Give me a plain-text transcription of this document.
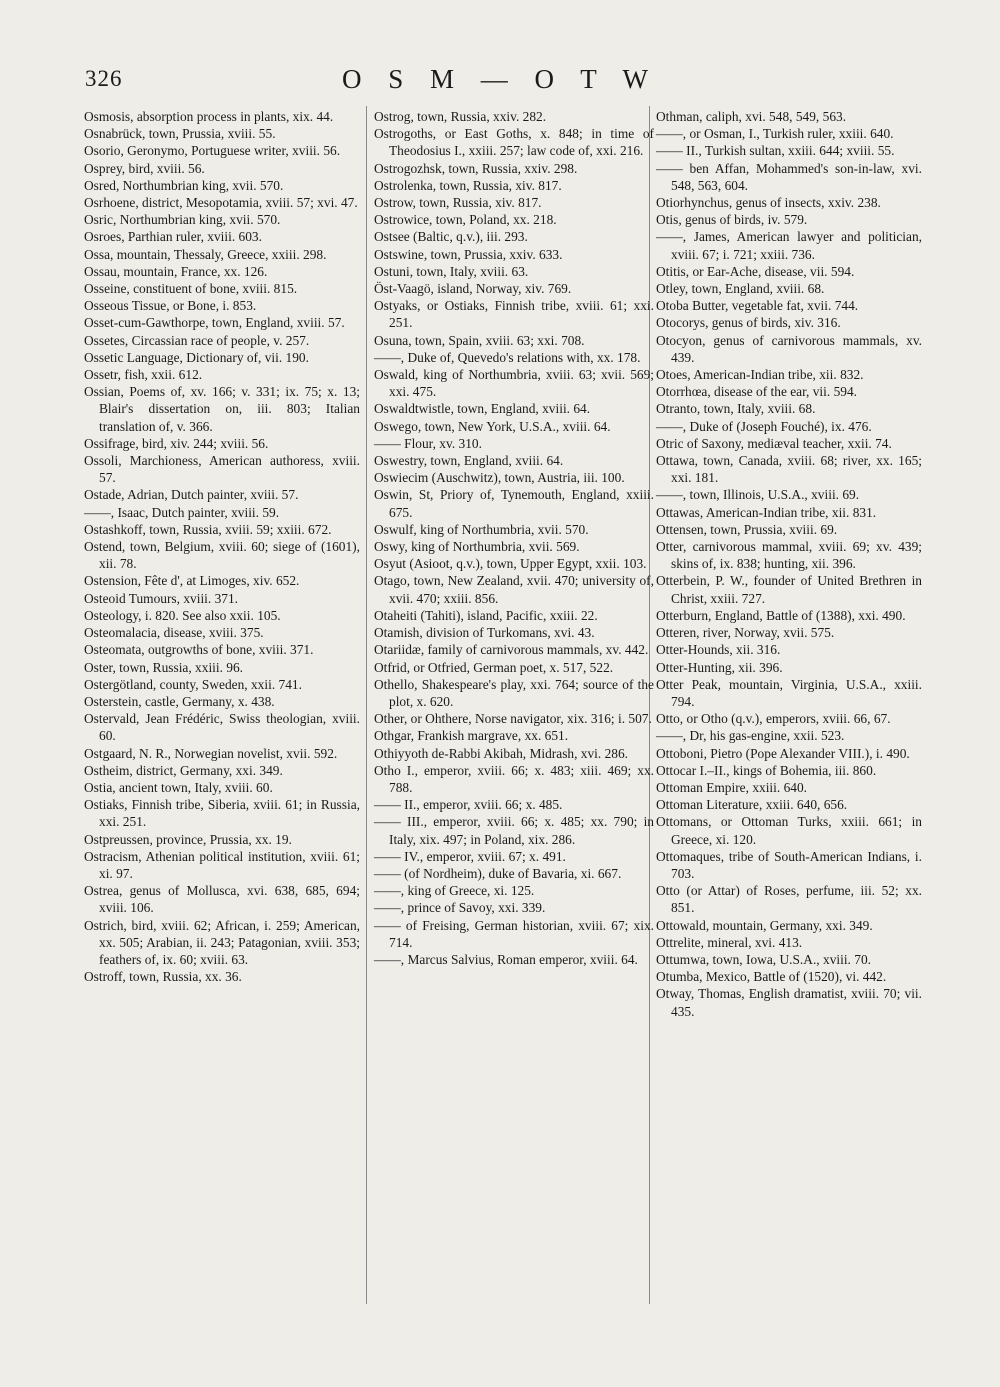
326	O S M — O T W

Osmosis, absorption process in plants, xix. 44.

Osnabrück, town, Prussia, xviii. 55.

Osorio, Geronymo, Portuguese writer, xviii. 56.

Osprey, bird, xviii. 56.

Osred, Northumbrian king, xvii. 570.

Osrhoene, district, Mesopotamia, xviii. 57; xvi. 47.

Osric, Northumbrian king, xvii. 570.

Osroes, Parthian ruler, xviii. 603.

Ossa, mountain, Thessaly, Greece, xxiii. 298.

Ossau, mountain, France, xx. 126.

Osseine, constituent of bone, xviii. 815.

Osseous Tissue, or Bone, i. 853.

Osset-cum-Gawthorpe, town, England, xviii. 57.

Ossetes, Circassian race of people, v. 257.

Ossetic Language, Dictionary of, vii. 190.

Ossetr, fish, xxii. 612.

Ossian, Poems of, xv. 166; v. 331; ix. 75; x. 13; Blair's dissertation on, iii. 803; Italian translation of, v. 366.

Ossifrage, bird, xiv. 244; xviii. 56.

Ossoli, Marchioness, American authoress, xviii. 57.

Ostade, Adrian, Dutch painter, xviii. 57.

——, Isaac, Dutch painter, xviii. 59.

Ostashkoff, town, Russia, xviii. 59; xxiii. 672.

Ostend, town, Belgium, xviii. 60; siege of (1601), xii. 78.

Ostension, Fête d', at Limoges, xiv. 652.

Osteoid Tumours, xviii. 371.

Osteology, i. 820. See also xxii. 105.

Osteomalacia, disease, xviii. 375.

Osteomata, outgrowths of bone, xviii. 371.

Oster, town, Russia, xxiii. 96.

Ostergötland, county, Sweden, xxii. 741.

Osterstein, castle, Germany, x. 438.

Ostervald, Jean Frédéric, Swiss theologian, xviii. 60.

Ostgaard, N. R., Norwegian novelist, xvii. 592.

Ostheim, district, Germany, xxi. 349.

Ostia, ancient town, Italy, xviii. 60.

Ostiaks, Finnish tribe, Siberia, xviii. 61; in Russia, xxi. 251.

Ostpreussen, province, Prussia, xx. 19.

Ostracism, Athenian political institution, xviii. 61; xi. 97.

Ostrea, genus of Mollusca, xvi. 638, 685, 694; xviii. 106.

Ostrich, bird, xviii. 62; African, i. 259; American, xx. 505; Arabian, ii. 243; Patagonian, xviii. 353; feathers of, ix. 60; xviii. 63.

Ostroff, town, Russia, xx. 36.

Ostrog, town, Russia, xxiv. 282.

Ostrogoths, or East Goths, x. 848; in time of Theodosius I., xxiii. 257; law code of, xxi. 216.

Ostrogozhsk, town, Russia, xxiv. 298.

Ostrolenka, town, Russia, xiv. 817.

Ostrow, town, Russia, xiv. 817.

Ostrowice, town, Poland, xx. 218.

Ostsee (Baltic, q.v.), iii. 293.

Ostswine, town, Prussia, xxiv. 633.

Ostuni, town, Italy, xviii. 63.

Öst-Vaagö, island, Norway, xiv. 769.

Ostyaks, or Ostiaks, Finnish tribe, xviii. 61; xxi. 251.

Osuna, town, Spain, xviii. 63; xxi. 708.

——, Duke of, Quevedo's relations with, xx. 178.

Oswald, king of Northumbria, xviii. 63; xvii. 569; xxi. 475.

Oswaldtwistle, town, England, xviii. 64.

Oswego, town, New York, U.S.A., xviii. 64.

—— Flour, xv. 310.

Oswestry, town, England, xviii. 64.

Oswiecim (Auschwitz), town, Austria, iii. 100.

Oswin, St, Priory of, Tynemouth, England, xxiii. 675.

Oswulf, king of Northumbria, xvii. 570.

Oswy, king of Northumbria, xvii. 569.

Osyut (Asioot, q.v.), town, Upper Egypt, xxii. 103.

Otago, town, New Zealand, xvii. 470; university of, xvii. 470; xxiii. 856.

Otaheiti (Tahiti), island, Pacific, xxiii. 22.

Otamish, division of Turkomans, xvi. 43.

Otariidæ, family of carnivorous mammals, xv. 442.

Otfrid, or Otfried, German poet, x. 517, 522.

Othello, Shakespeare's play, xxi. 764; source of the plot, x. 620.

Other, or Ohthere, Norse navigator, xix. 316; i. 507.

Othgar, Frankish margrave, xx. 651.

Othiyyoth de-Rabbi Akibah, Midrash, xvi. 286.

Otho I., emperor, xviii. 66; x. 483; xiii. 469; xx. 788.

—— II., emperor, xviii. 66; x. 485.

—— III., emperor, xviii. 66; x. 485; xx. 790; in Italy, xix. 497; in Poland, xix. 286.

—— IV., emperor, xviii. 67; x. 491.

—— (of Nordheim), duke of Bavaria, xi. 667.

——, king of Greece, xi. 125.

——, prince of Savoy, xxi. 339.

—— of Freising, German historian, xviii. 67; xix. 714.

——, Marcus Salvius, Roman emperor, xviii. 64.

Othman, caliph, xvi. 548, 549, 563.

——, or Osman, I., Turkish ruler, xxiii. 640.

—— II., Turkish sultan, xxiii. 644; xviii. 55.

—— ben Affan, Mohammed's son-in-law, xvi. 548, 563, 604.

Otiorhynchus, genus of insects, xxiv. 238.

Otis, genus of birds, iv. 579.

——, James, American lawyer and politician, xviii. 67; i. 721; xxiii. 736.

Otitis, or Ear-Ache, disease, vii. 594.

Otley, town, England, xviii. 68.

Otoba Butter, vegetable fat, xvii. 744.

Otocorys, genus of birds, xiv. 316.

Otocyon, genus of carnivorous mammals, xv. 439.

Otoes, American-Indian tribe, xii. 832.

Otorrhœa, disease of the ear, vii. 594.

Otranto, town, Italy, xviii. 68.

——, Duke of (Joseph Fouché), ix. 476.

Otric of Saxony, mediæval teacher, xxii. 74.

Ottawa, town, Canada, xviii. 68; river, xx. 165; xxi. 181.

——, town, Illinois, U.S.A., xviii. 69.

Ottawas, American-Indian tribe, xii. 831.

Ottensen, town, Prussia, xviii. 69.

Otter, carnivorous mammal, xviii. 69; xv. 439; skins of, ix. 838; hunting, xii. 396.

Otterbein, P. W., founder of United Brethren in Christ, xxiii. 727.

Otterburn, England, Battle of (1388), xxi. 490.

Otteren, river, Norway, xvii. 575.

Otter-Hounds, xii. 316.

Otter-Hunting, xii. 396.

Otter Peak, mountain, Virginia, U.S.A., xxiii. 794.

Otto, or Otho (q.v.), emperors, xviii. 66, 67.

——, Dr, his gas-engine, xxii. 523.

Ottoboni, Pietro (Pope Alexander VIII.), i. 490.

Ottocar I.–II., kings of Bohemia, iii. 860.

Ottoman Empire, xxiii. 640.

Ottoman Literature, xxiii. 640, 656.

Ottomans, or Ottoman Turks, xxiii. 661; in Greece, xi. 120.

Ottomaques, tribe of South-American Indians, i. 703.

Otto (or Attar) of Roses, perfume, iii. 52; xx. 851.

Ottowald, mountain, Germany, xxi. 349.

Ottrelite, mineral, xvi. 413.

Ottumwa, town, Iowa, U.S.A., xviii. 70.

Otumba, Mexico, Battle of (1520), vi. 442.

Otway, Thomas, English dramatist, xviii. 70; vii. 435.
